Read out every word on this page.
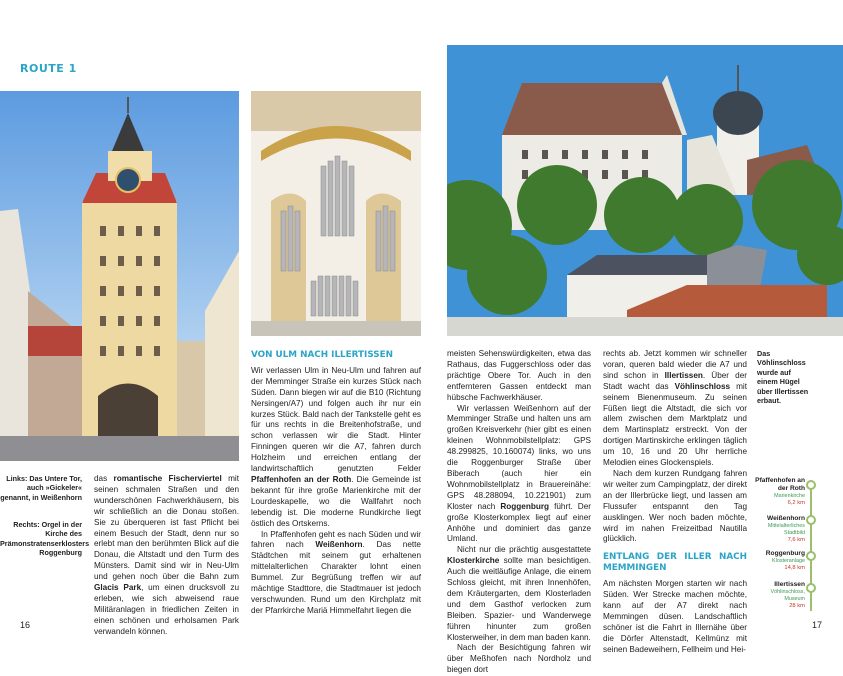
ROUTE 1
Links: Das Untere Tor, auch »Gickeler« genannt, in Weißenhorn
Rechts: Orgel in der Kirche des Prämonstratenserklosters Roggenburg

das romantische Fischerviertel mit seinen schmalen Straßen und den wunderschönen Fachwerkhäusern, bis wir schließlich an die Donau stoßen. Sie zu überqueren ist fast Pflicht bei einem Besuch der Stadt, denn nur so erlebt man den berühmten Blick auf die Donau, die Altstadt und den Turm des Münsters. Damit sind wir in Neu-Ulm und gehen noch über die Bahn zum Glacis Park, um einen drucksvoll zu erleben, wie sich abweisend raue Militäranlagen in friedlichen Zeiten in einen schönen und erholsamen Park verwandeln können.

VON ULM NACH ILLERTISSEN

Wir verlassen Ulm in Neu-Ulm und fahren auf der Memminger Straße ein kurzes Stück nach Süden. Dann biegen wir auf die B10 (Richtung Nersingen/A7) und folgen auch ihr nur ein kurzes Stück. Bald nach der Tankstelle geht es für uns rechts in die Breitenhofstraße, und schon verlassen wir die Stadt. Hinter Finningen queren wir die A7, fahren durch Holzheim und erreichen entlang der landwirtschaftlich genutzten Felder Pfaffenhofen an der Roth. Die Gemeinde ist bekannt für ihre große Marienkirche mit der Lourdeskapelle, wo die Wallfahrt noch lebendig ist. Die moderne Rundkirche liegt östlich des Ortskerns.

In Pfaffenhofen geht es nach Süden und wir fahren nach Weißenhorn. Das nette Städtchen mit seinem gut erhaltenen mittelalterlichen Charakter lohnt einen Bummel. Zur Begrüßung treffen wir auf mächtige Stadttore, die Stadtmauer ist jedoch verschwunden. Rund um den Kirchplatz mit der Pfarrkirche Mariä Himmelfahrt liegen die

meisten Sehenswürdigkeiten, etwa das Rathaus, das Fuggerschloss oder das prächtige Obere Tor. Auch in den entfernteren Gassen entdeckt man hübsche Fachwerkhäuser.

Wir verlassen Weißenhorn auf der Memminger Straße und halten uns am großen Kreisverkehr (hier gibt es einen kleinen Wohnmobilstellplatz: GPS 48.299825, 10.160074) links, wo uns die Roggenburger Straße über Biberach (auch hier ein Wohnmobilstellplatz in Brauereinähe: GPS 48.288094, 10.221901) zum Kloster nach Roggenburg führt. Der große Klosterkomplex liegt auf einer Anhöhe und dominiert das ganze Umland.

Nicht nur die prächtig ausgestattete Klosterkirche sollte man besichtigen. Auch die weitläufige Anlage, die einem Schloss gleicht, mit ihren Innenhöfen, dem Kräutergarten, dem Klosterladen und dem Gasthof verlocken zum Bleiben. Spazier- und Wanderwege führen hinunter zum großen Klosterweiher, in dem man baden kann.

Nach der Besichtigung fahren wir über Meßhofen nach Nordholz und biegen dort

rechts ab. Jetzt kommen wir schneller voran, queren bald wieder die A7 und sind schon in Illertissen. Über der Stadt wacht das Vöhlinschloss mit seinem Bienenmuseum. Zu seinen Füßen liegt die Altstadt, die sich vor allem zwischen dem Marktplatz und dem Martinsplatz erstreckt. Von der dortigen Martinskirche erklingen täglich um 10, 16 und 20 Uhr herrliche Melodien eines Glockenspiels.

Nach dem kurzen Rundgang fahren wir weiter zum Campingplatz, der direkt an der Illerbrücke liegt, und lassen am Flussufer entspannt den Tag ausklingen. Wer noch baden möchte, wird im nahen Freizeitbad Nautilla glücklich.

ENTLANG DER ILLER NACH MEMMINGEN

Am nächsten Morgen starten wir nach Süden. Wer Strecke machen möchte, kann auf der A7 direkt nach Memmingen düsen. Landschaftlich schöner ist die Fahrt in Illernähe über die Dörfer Altenstadt, Kellmünz mit seinen Badeweihern, Fellheim und Hei-

Das Vöhlinschloss wurde auf einem Hügel über Illertissen erbaut.
Pfaffenhofen an der Roth
Marienkirche
6,2 km
Weißenhorn
Mittelalterliches Stadtbild
7,6 km
Roggenburg
Klosteranlage
14,8 km
Illertissen
Vöhlinschloss, Museum
28 km
16	17
